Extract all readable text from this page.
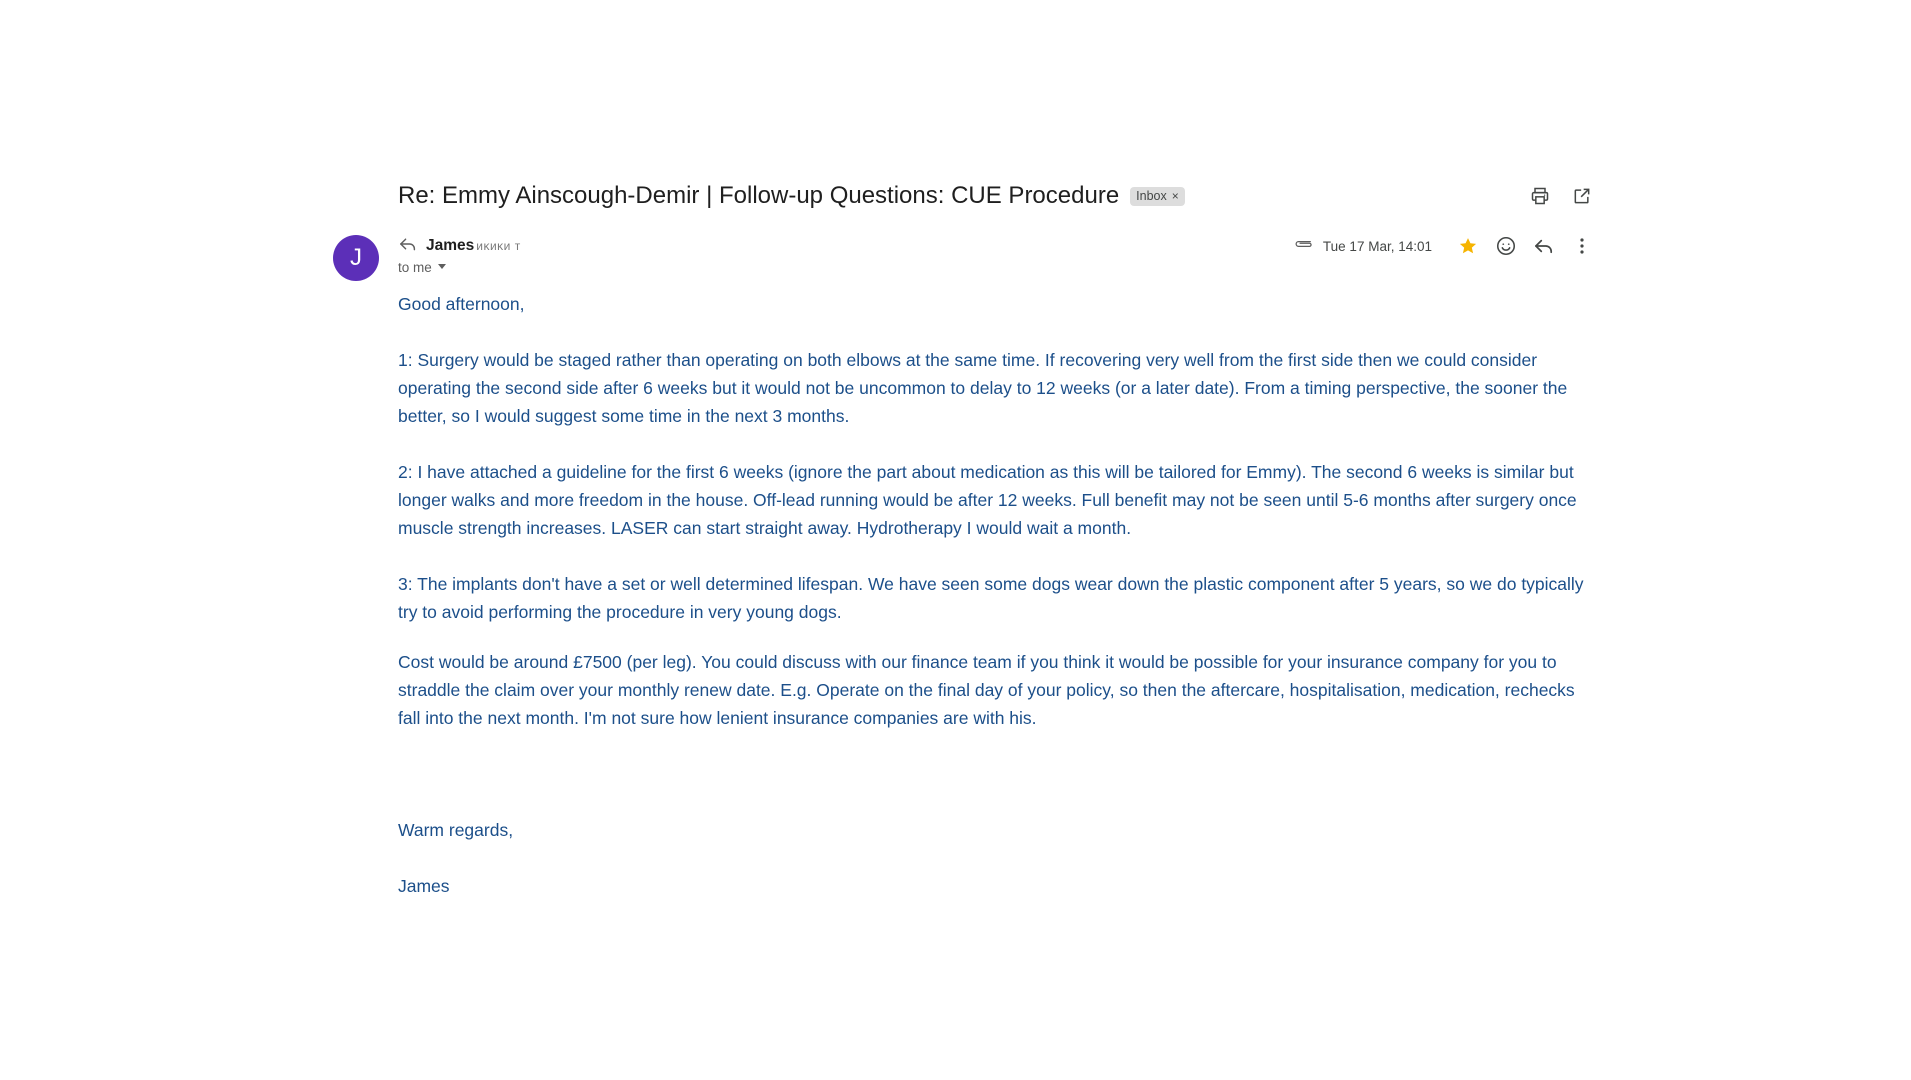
Re: Emmy Ainscough-Demir | Follow-up Questions: CUE Procedure Inbox ×
J	James ᴎᴋᴎᴋᴎ ᴛ
to me
Tue 17 Mar, 14:01

Good afternoon,

1: Surgery would be staged rather than operating on both elbows at the same time. If recovering very well from the first side then we could consider operating the second side after 6 weeks but it would not be uncommon to delay to 12 weeks (or a later date). From a timing perspective, the sooner the better, so I would suggest some time in the next 3 months.

2: I have attached a guideline for the first 6 weeks (ignore the part about medication as this will be tailored for Emmy). The second 6 weeks is similar but longer walks and more freedom in the house. Off-lead running would be after 12 weeks. Full benefit may not be seen until 5-6 months after surgery once muscle strength increases. LASER can start straight away. Hydrotherapy I would wait a month.

3: The implants don't have a set or well determined lifespan. We have seen some dogs wear down the plastic component after 5 years, so we do typically try to avoid performing the procedure in very young dogs.

Cost would be around £7500 (per leg). You could discuss with our finance team if you think it would be possible for your insurance company for you to straddle the claim over your monthly renew date. E.g. Operate on the final day of your policy, so then the aftercare, hospitalisation, medication, rechecks fall into the next month. I'm not sure how lenient insurance companies are with his.

Warm regards,

James
